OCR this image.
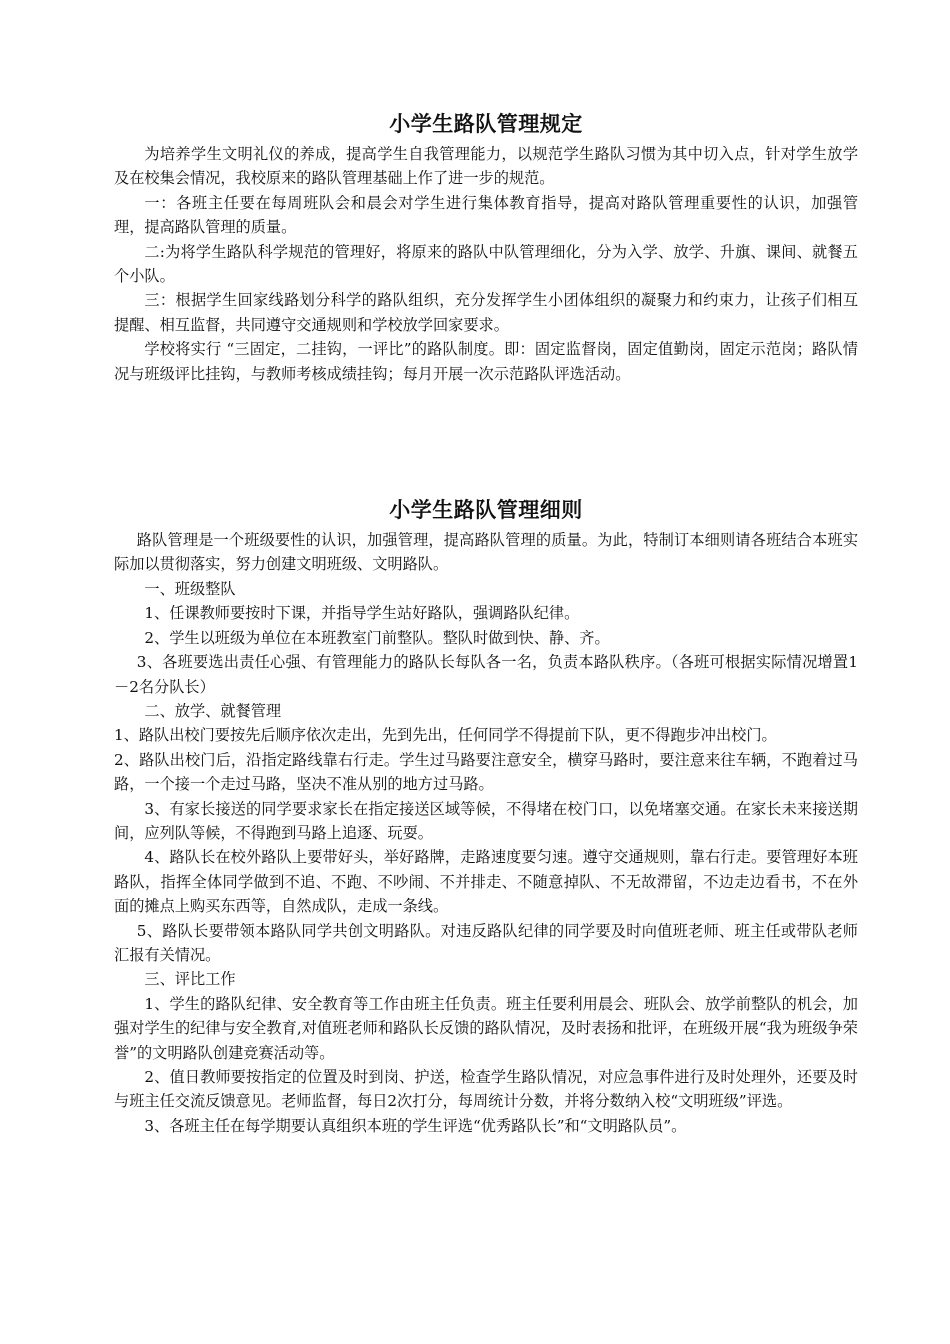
小学生路队管理规定

为培养学生文明礼仪的养成，提高学生自我管理能力，以规范学生路队习惯为其中切入点，针对学生放学及在校集会情况，我校原来的路队管理基础上作了进一步的规范。

一：各班主任要在每周班队会和晨会对学生进行集体教育指导，提高对路队管理重要性的认识，加强管理，提高路队管理的质量。

二:为将学生路队科学规范的管理好，将原来的路队中队管理细化，分为入学、放学、升旗、课间、就餐五个小队。

三：根据学生回家线路划分科学的路队组织，充分发挥学生小团体组织的凝聚力和约束力，让孩子们相互提醒、相互监督，共同遵守交通规则和学校放学回家要求。

学校将实行 “三固定，二挂钩，一评比”的路队制度。即：固定监督岗，固定值勤岗，固定示范岗；路队情况与班级评比挂钩，与教师考核成绩挂钩；每月开展一次示范路队评选活动。

小学生路队管理细则

路队管理是一个班级要性的认识，加强管理，提高路队管理的质量。为此，特制订本细则请各班结合本班实际加以贯彻落实，努力创建文明班级、文明路队。

一、班级整队

1、任课教师要按时下课，并指导学生站好路队，强调路队纪律。

2、学生以班级为单位在本班教室门前整队。整队时做到快、静、齐。

3、各班要选出责任心强、有管理能力的路队长每队各一名，负责本路队秩序。（各班可根据实际情况增置1－2名分队长）

二、放学、就餐管理

1、路队出校门要按先后顺序依次走出，先到先出，任何同学不得提前下队，更不得跑步冲出校门。

2、路队出校门后，沿指定路线靠右行走。学生过马路要注意安全，横穿马路时，要注意来往车辆，不跑着过马路，一个接一个走过马路，坚决不准从别的地方过马路。

3、有家长接送的同学要求家长在指定接送区域等候，不得堵在校门口，以免堵塞交通。在家长未来接送期间，应列队等候，不得跑到马路上追逐、玩耍。

4、路队长在校外路队上要带好头，举好路牌，走路速度要匀速。遵守交通规则，靠右行走。要管理好本班路队，指挥全体同学做到不追、不跑、不吵闹、不并排走、不随意掉队、不无故滞留，不边走边看书，不在外面的摊点上购买东西等，自然成队，走成一条线。

5、路队长要带领本路队同学共创文明路队。对违反路队纪律的同学要及时向值班老师、班主任或带队老师汇报有关情况。

三、评比工作

1、学生的路队纪律、安全教育等工作由班主任负责。班主任要利用晨会、班队会、放学前整队的机会，加强对学生的纪律与安全教育,对值班老师和路队长反馈的路队情况，及时表扬和批评，在班级开展“我为班级争荣誉”的文明路队创建竞赛活动等。

2、值日教师要按指定的位置及时到岗、护送，检查学生路队情况，对应急事件进行及时处理外，还要及时与班主任交流反馈意见。老师监督，每日2次打分，每周统计分数，并将分数纳入校“文明班级”评选。

3、各班主任在每学期要认真组织本班的学生评选“优秀路队长”和“文明路队员”。
